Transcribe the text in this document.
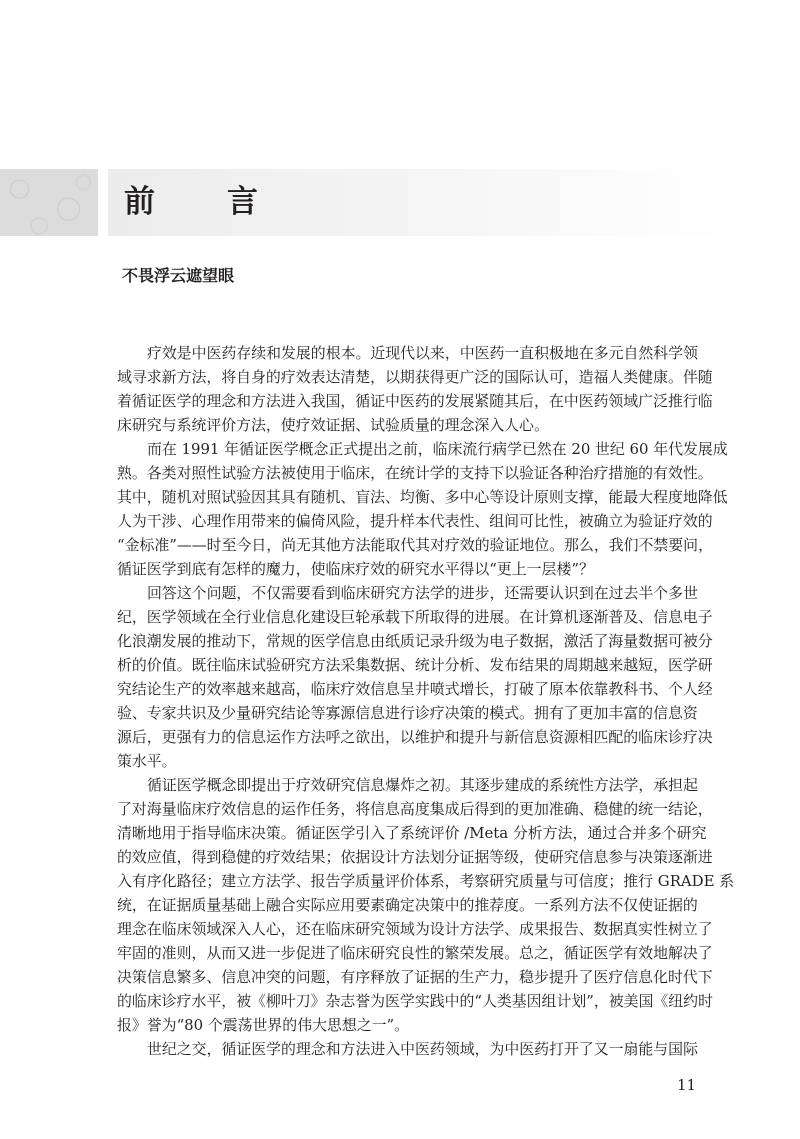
前言
不畏浮云遮望眼
疗效是中医药存续和发展的根本。近现代以来，中医药一直积极地在多元自然科学领
域寻求新方法，将自身的疗效表达清楚，以期获得更广泛的国际认可，造福人类健康。伴随
着循证医学的理念和方法进入我国，循证中医药的发展紧随其后，在中医药领域广泛推行临
床研究与系统评价方法，使疗效证据、试验质量的理念深入人心。
而在 1991 年循证医学概念正式提出之前，临床流行病学已然在 20 世纪 60 年代发展成
熟。各类对照性试验方法被使用于临床，在统计学的支持下以验证各种治疗措施的有效性。
其中，随机对照试验因其具有随机、盲法、均衡、多中心等设计原则支撑，能最大程度地降低
人为干涉、心理作用带来的偏倚风险，提升样本代表性、组间可比性，被确立为验证疗效的
“金标准”——时至今日，尚无其他方法能取代其对疗效的验证地位。那么，我们不禁要问，
循证医学到底有怎样的魔力，使临床疗效的研究水平得以“更上一层楼”？
回答这个问题，不仅需要看到临床研究方法学的进步，还需要认识到在过去半个多世
纪，医学领域在全行业信息化建设巨轮承载下所取得的进展。在计算机逐渐普及、信息电子
化浪潮发展的推动下，常规的医学信息由纸质记录升级为电子数据，激活了海量数据可被分
析的价值。既往临床试验研究方法采集数据、统计分析、发布结果的周期越来越短，医学研
究结论生产的效率越来越高，临床疗效信息呈井喷式增长，打破了原本依靠教科书、个人经
验、专家共识及少量研究结论等寡源信息进行诊疗决策的模式。拥有了更加丰富的信息资
源后，更强有力的信息运作方法呼之欲出，以维护和提升与新信息资源相匹配的临床诊疗决
策水平。
循证医学概念即提出于疗效研究信息爆炸之初。其逐步建成的系统性方法学，承担起
了对海量临床疗效信息的运作任务，将信息高度集成后得到的更加准确、稳健的统一结论，
清晰地用于指导临床决策。循证医学引入了系统评价 /Meta 分析方法，通过合并多个研究
的效应值，得到稳健的疗效结果；依据设计方法划分证据等级，使研究信息参与决策逐渐进
入有序化路径；建立方法学、报告学质量评价体系，考察研究质量与可信度；推行 GRADE 系
统，在证据质量基础上融合实际应用要素确定决策中的推荐度。一系列方法不仅使证据的
理念在临床领域深入人心，还在临床研究领域为设计方法学、成果报告、数据真实性树立了
牢固的准则，从而又进一步促进了临床研究良性的繁荣发展。总之，循证医学有效地解决了
决策信息繁多、信息冲突的问题，有序释放了证据的生产力，稳步提升了医疗信息化时代下
的临床诊疗水平，被《柳叶刀》杂志誉为医学实践中的“人类基因组计划”，被美国《纽约时
报》誉为“80 个震荡世界的伟大思想之一”。
世纪之交，循证医学的理念和方法进入中医药领域，为中医药打开了又一扇能与国际
11
